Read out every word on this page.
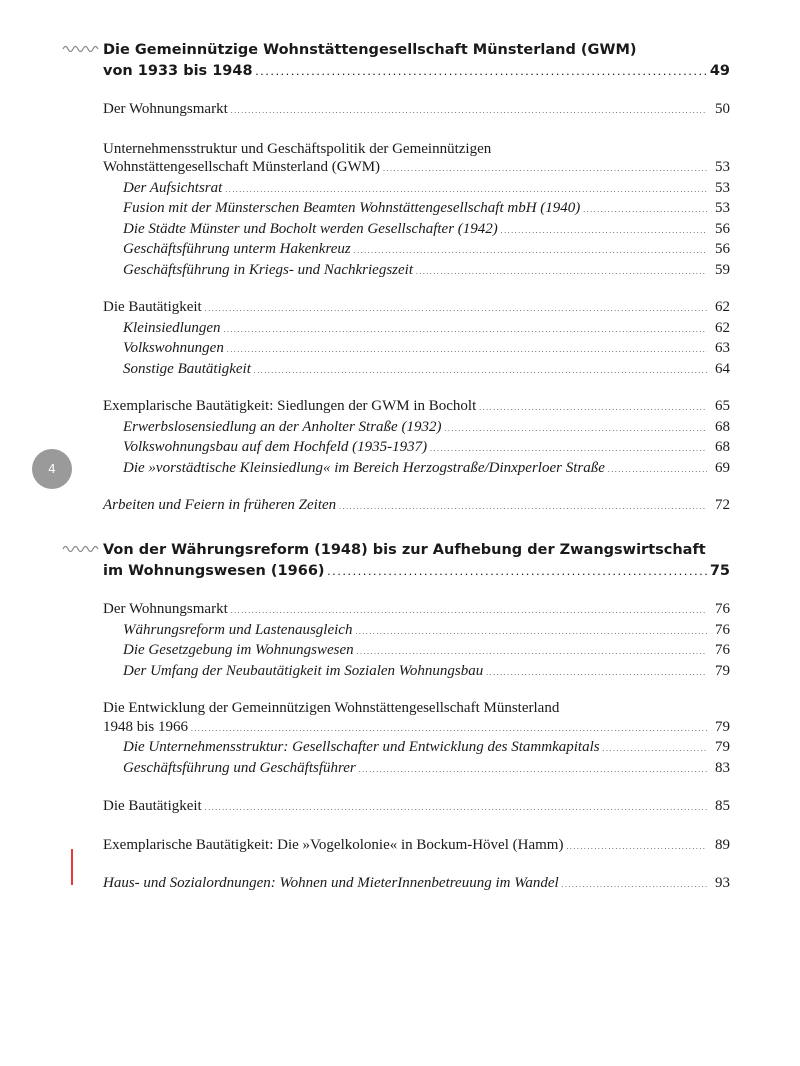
Die Gemeinnützige Wohnstättengesellschaft Münsterland (GWM)
von 1933 bis 1948 . . .	49
Der Wohnungsmarkt . . .	50
Unternehmensstruktur und Geschäftspolitik der Gemeinnützigen
Wohnstättengesellschaft Münsterland (GWM) . . .	53
Der Aufsichtsrat . . .	53
Fusion mit der Münsterschen Beamten Wohnstättengesellschaft mbH (1940) . . .	53
Die Städte Münster und Bocholt werden Gesellschafter (1942) . . .	56
Geschäftsführung unterm Hakenkreuz . . .	56
Geschäftsführung in Kriegs- und Nachkriegszeit . . .	59
Die Bautätigkeit . . .	62
Kleinsiedlungen . . .	62
Volkswohnungen . . .	63
Sonstige Bautätigkeit . . .	64
Exemplarische Bautätigkeit: Siedlungen der GWM in Bocholt . . .	65
Erwerbslosensiedlung an der Anholter Straße (1932) . . .	68
Volkswohnungsbau auf dem Hochfeld (1935-1937) . . .	68
Die »vorstädtische Kleinsiedlung« im Bereich Herzogstraße/Dinxperloer Straße . . .	69
Arbeiten und Feiern in früheren Zeiten . . .	72
4
Von der Währungsreform (1948) bis zur Aufhebung der Zwangswirtschaft
im Wohnungswesen (1966) . . .	75
Der Wohnungsmarkt . . .	76
Währungsreform und Lastenausgleich . . .	76
Die Gesetzgebung im Wohnungswesen . . .	76
Der Umfang der Neubautätigkeit im Sozialen Wohnungsbau . . .	79
Die Entwicklung der Gemeinnützigen Wohnstättengesellschaft Münsterland
1948 bis 1966 . . .	79
Die Unternehmensstruktur: Gesellschafter und Entwicklung des Stammkapitals . . .	79
Geschäftsführung und Geschäftsführer . . .	83
Die Bautätigkeit . . .	85
Exemplarische Bautätigkeit: Die »Vogelkolonie« in Bockum-Hövel (Hamm) . . .	89
Haus- und Sozialordnungen: Wohnen und MieterInnenbetreuung im Wandel . . .	93
